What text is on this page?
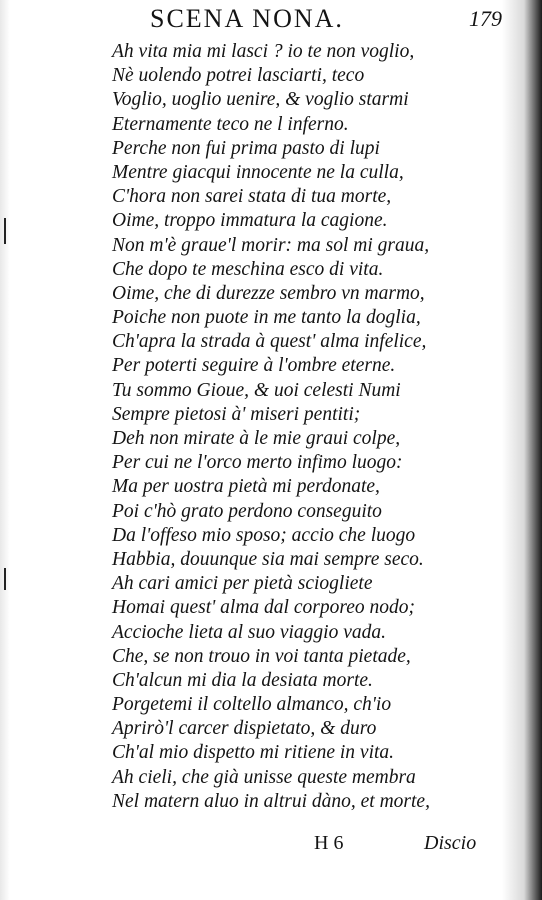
SCENA NONA.	179
Ah vita mia mi lasci ? io te non voglio,
Nè uolendo potrei lasciarti, teco
Voglio, uoglio uenire, & voglio starmi
Eternamente teco ne l inferno.
Perche non fui prima pasto di lupi
Mentre giacqui innocente ne la culla,
C'hora non sarei stata di tua morte,
Oime, troppo immatura la cagione.
Non m'è graue'l morir: ma sol mi graua,
Che dopo te meschina esco di vita.
Oime, che di durezze sembro vn marmo,
Poiche non puote in me tanto la doglia,
Ch'apra la strada à quest' alma infelice,
Per poterti seguire à l'ombre eterne.
Tu sommo Gioue, & uoi celesti Numi
Sempre pietosi à' miseri pentiti;
Deh non mirate à le mie graui colpe,
Per cui ne l'orco merto infimo luogo:
Ma per uostra pietà mi perdonate,
Poi c'hò grato perdono conseguito
Da l'offeso mio sposo; accio che luogo
Habbia, douunque sia mai sempre seco.
Ah cari amici per pietà sciogliete
Homai quest' alma dal corporeo nodo;
Accioche lieta al suo viaggio vada.
Che, se non trouo in voi tanta pietade,
Ch'alcun mi dia la desiata morte.
Porgetemi il coltello almanco, ch'io
Aprirò'l carcer dispietato, & duro
Ch'al mio dispetto mi ritiene in vita.
Ah cieli, che già unisse queste membra
Nel matern aluo in altrui dàno, et morte,
H 6	Discio
